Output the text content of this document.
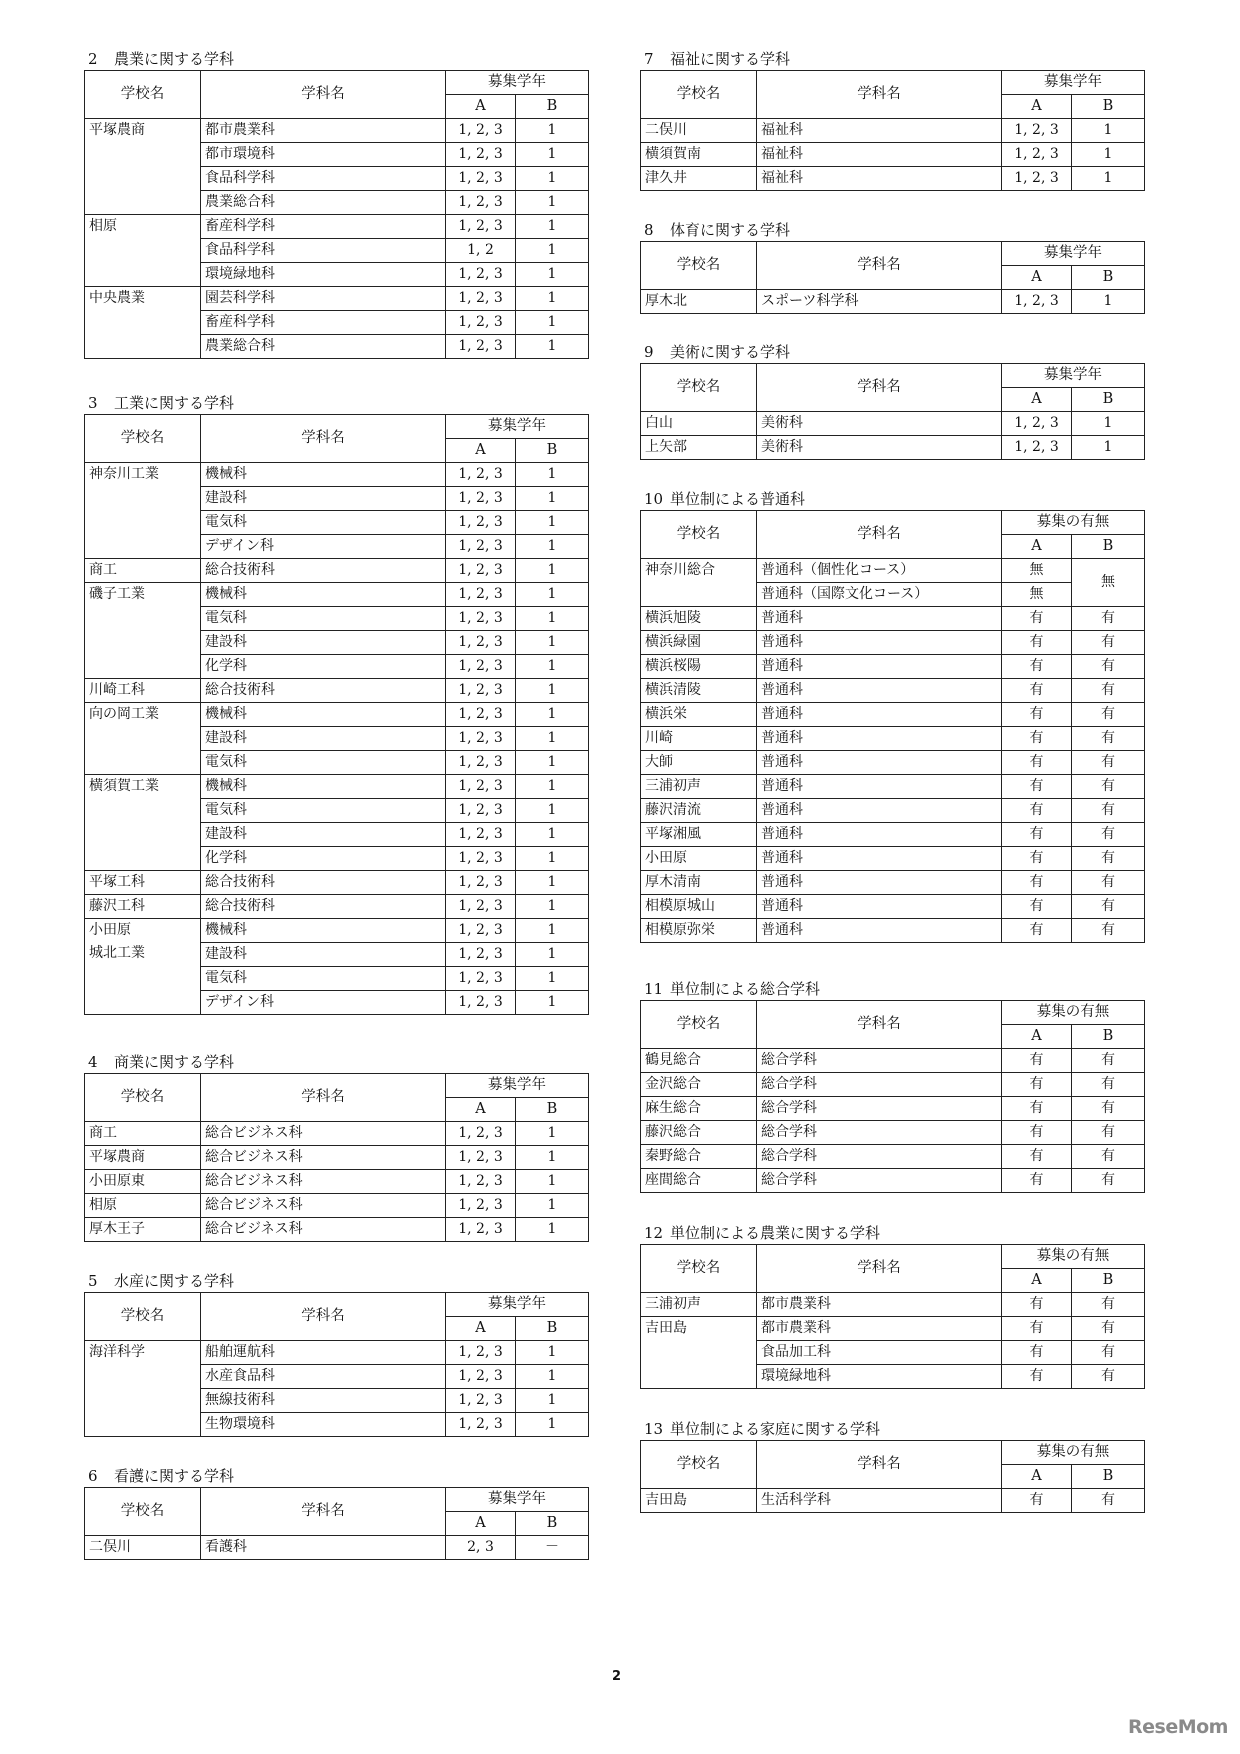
2 農業に関する学科
学校名	学科名	募集学年	
		A	B

平塚農商	都市農業科	1, 2, 3	1
	都市環境科	1, 2, 3	1
	食品科学科	1, 2, 3	1
	農業総合科	1, 2, 3	1

相原	畜産科学科	1, 2, 3	1
	食品科学科	1, 2	1
	環境緑地科	1, 2, 3	1

中央農業	園芸科学科	1, 2, 3	1
	畜産科学科	1, 2, 3	1
	農業総合科	1, 2, 3	1
3 工業に関する学科
学校名	学科名	募集学年	
		A	B

神奈川工業	機械科	1, 2, 3	1
	建設科	1, 2, 3	1
	電気科	1, 2, 3	1
	デザイン科	1, 2, 3	1

商工	総合技術科	1, 2, 3	1

磯子工業	機械科	1, 2, 3	1
	電気科	1, 2, 3	1
	建設科	1, 2, 3	1
	化学科	1, 2, 3	1

川崎工科	総合技術科	1, 2, 3	1

向の岡工業	機械科	1, 2, 3	1
	建設科	1, 2, 3	1
	電気科	1, 2, 3	1

横須賀工業	機械科	1, 2, 3	1
	電気科	1, 2, 3	1
	建設科	1, 2, 3	1
	化学科	1, 2, 3	1

平塚工科	総合技術科	1, 2, 3	1

藤沢工科	総合技術科	1, 2, 3	1

小田原
城北工業	機械科	1, 2, 3	1
	建設科	1, 2, 3	1
	電気科	1, 2, 3	1
	デザイン科	1, 2, 3	1
4 商業に関する学科
学校名	学科名	募集学年	
		A	B

商工	総合ビジネス科	1, 2, 3	1

平塚農商	総合ビジネス科	1, 2, 3	1

小田原東	総合ビジネス科	1, 2, 3	1

相原	総合ビジネス科	1, 2, 3	1

厚木王子	総合ビジネス科	1, 2, 3	1
5 水産に関する学科
学校名	学科名	募集学年	
		A	B

海洋科学	船舶運航科	1, 2, 3	1
	水産食品科	1, 2, 3	1
	無線技術科	1, 2, 3	1
	生物環境科	1, 2, 3	1
6 看護に関する学科
学校名	学科名	募集学年	
		A	B

二俣川	看護科	2, 3	－
7 福祉に関する学科
学校名	学科名	募集学年	
		A	B

二俣川	福祉科	1, 2, 3	1

横須賀南	福祉科	1, 2, 3	1

津久井	福祉科	1, 2, 3	1
8 体育に関する学科
学校名	学科名	募集学年	
		A	B

厚木北	スポーツ科学科	1, 2, 3	1
9 美術に関する学科
学校名	学科名	募集学年	
		A	B

白山	美術科	1, 2, 3	1

上矢部	美術科	1, 2, 3	1
10 単位制による普通科
学校名	学科名	募集の有無	
		A	B

神奈川総合	普通科（個性化コース）	無	無
	普通科（国際文化コース）	無	

横浜旭陵	普通科	有	有

横浜緑園	普通科	有	有

横浜桜陽	普通科	有	有

横浜清陵	普通科	有	有

横浜栄	普通科	有	有

川崎	普通科	有	有

大師	普通科	有	有

三浦初声	普通科	有	有

藤沢清流	普通科	有	有

平塚湘風	普通科	有	有

小田原	普通科	有	有

厚木清南	普通科	有	有

相模原城山	普通科	有	有

相模原弥栄	普通科	有	有
11 単位制による総合学科
学校名	学科名	募集の有無	
		A	B

鶴見総合	総合学科	有	有

金沢総合	総合学科	有	有

麻生総合	総合学科	有	有

藤沢総合	総合学科	有	有

秦野総合	総合学科	有	有

座間総合	総合学科	有	有
12 単位制による農業に関する学科
学校名	学科名	募集の有無	
		A	B

三浦初声	都市農業科	有	有

吉田島	都市農業科	有	有
	食品加工科	有	有
	環境緑地科	有	有
13 単位制による家庭に関する学科
学校名	学科名	募集の有無	
		A	B

吉田島	生活科学科	有	有
2
ReseMom
